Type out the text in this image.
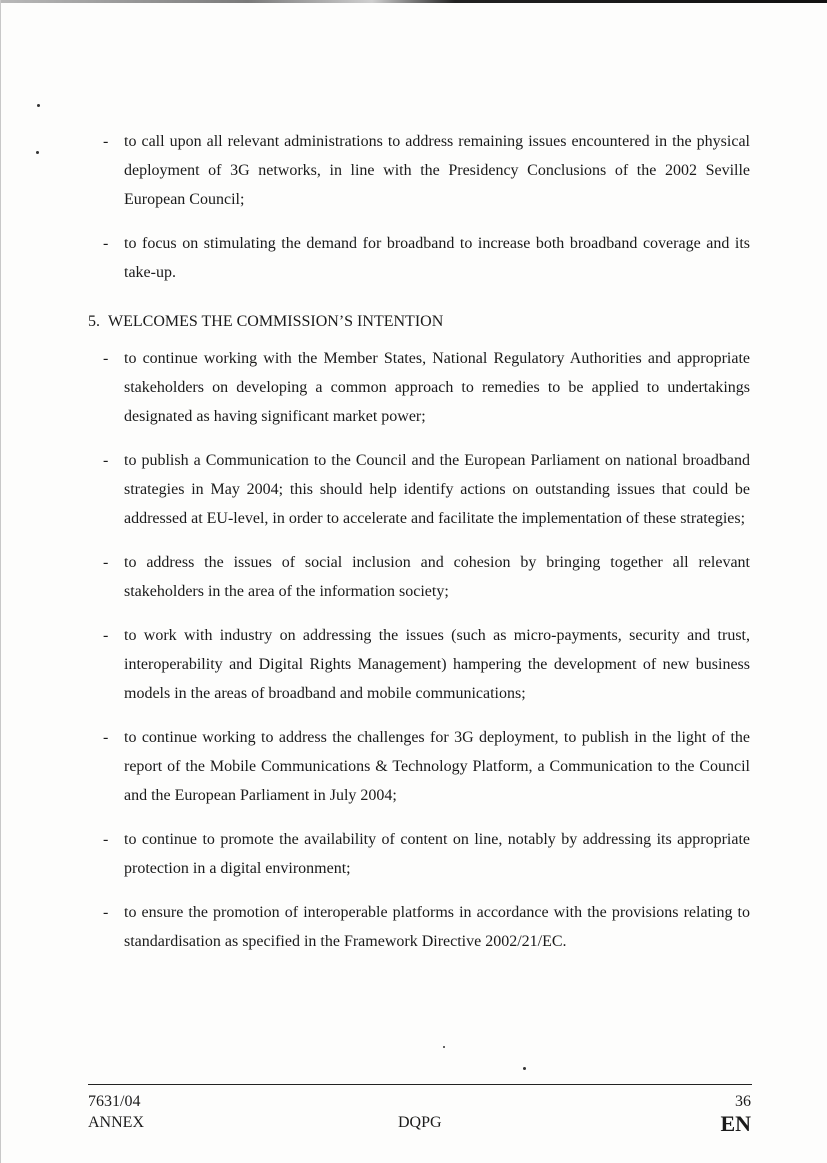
- to call upon all relevant administrations to address remaining issues encountered in the physical deployment of 3G networks, in line with the Presidency Conclusions of the 2002 Seville European Council;
- to focus on stimulating the demand for broadband to increase both broadband coverage and its take-up.
5. WELCOMES THE COMMISSION’S INTENTION
- to continue working with the Member States, National Regulatory Authorities and appropriate stakeholders on developing a common approach to remedies to be applied to undertakings designated as having significant market power;
- to publish a Communication to the Council and the European Parliament on national broadband strategies in May 2004; this should help identify actions on outstanding issues that could be addressed at EU-level, in order to accelerate and facilitate the implementation of these strategies;
- to address the issues of social inclusion and cohesion by bringing together all relevant stakeholders in the area of the information society;
- to work with industry on addressing the issues (such as micro-payments, security and trust, interoperability and Digital Rights Management) hampering the development of new business models in the areas of broadband and mobile communications;
- to continue working to address the challenges for 3G deployment, to publish in the light of the report of the Mobile Communications & Technology Platform, a Communication to the Council and the European Parliament in July 2004;
- to continue to promote the availability of content on line, notably by addressing its appropriate protection in a digital environment;
- to ensure the promotion of interoperable platforms in accordance with the provisions relating to standardisation as specified in the Framework Directive 2002/21/EC.
7631/04
ANNEX	DQPG
36
EN
